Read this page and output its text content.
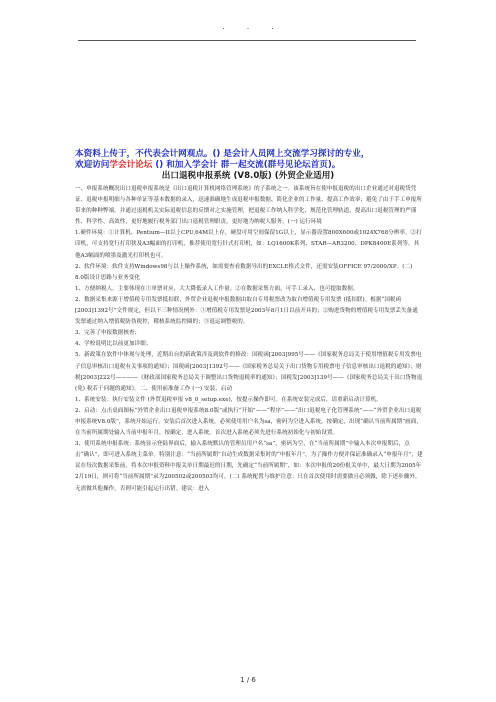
.	.	.
本资料上传于，不代表会计网观点。() 是会计人员网上交流学习探讨的专业，
欢迎访问学会计论坛 () 和加入学会计 群一起交流(群号见论坛首页)。
出口退税申报系统 (V8.0版) (外贸企业适用)

一、申报系统概况出口退税申报系统是《出口退税计算机网络管理系统》的子系统之一。该系统旨在使申报退税的出口企业通过对退税货凭证、退税申报明细与各种单证等基本数据的录入，迅速准确地生成退税申报数据、简化企业的工作量、提高工作效率；避免了由于手工申报所带来的种种弊端，并通过退税机关实际退税信息的反馈对之实施管理，把退税工作纳入科学化、规范化管理轨道，提高出口退税管理的严谨性、科学性、高效性，更好地履行税务部门出口退税管理职责，更好地为纳税人服务。(一) 运行环境

1.硬件环境：①计算机、Pentium—II以上CPU,64M以上存，硬盘可用空间保留1G以上，显示器设置800X600或1024X768分辨率。②打印机，可支持宽行打印狭及A3幅面的打印机，推荐使用宽行针式打印机，如：LQ1600K系列、STAR—AR3200、DPK8400E系列等。其他A3幅面的喷墨及激光打印机也可。

2、软件环境：软件支持Windows98与以上操作系统，如需要查看数据导出的EXCLE格式文件，还需安装OFFICE 97/2000/XP。(二) 8.0版设计思路与业务变化

1、方便纳税人，主要体现在①单票对应，大大降低录入工作量。②在数据采集方面，可手工录入，也可提取数据。

2、数据采集来源于增值税专用发票抵扣联，外贸企业退税申报数据由取自专用税票改为取自增值税专用发票 (抵扣联)。根据“国税函[2003]1392号”文件规定，但以下三种情况例外：①增值税专用发票是2003年8月1日以前开具的；②购进货物的增值税专用发票丢失备通发票通过纳入增值税防伪税控，稽核系统监控圈的；③退运调整税的。

3、完善了申报数据核查；

4、学校说明比以前更加详细；

5、新政策在软件中体现与处理，近期出台的新政策涉及到软件的修改：国税函[2003]995号——《国家税务总局关于使用增值税专用发票电子信息审核出口退税有关事项的通知》；国税函[2003]1392号——《国家税务总局关于出口货物专用税票电子信息审核出口退税的通知》；财税[2003]222号————《财政部国家税务总局关于调整出口货物退税率的通知》；国税发[2003]139号——《国家税务总局关于出口货物退 (免) 税若干问题的通知》。二、使用前准备工作 (一) 安装、启动

1、系统安装：执行安装文件 (外贸退税申报 v8_0_setup.exe)，按提示操作即可。在系统安装完成后，请重新启动计算机。

2、启动：点击桌面图标“外贸企业出口退税申报系统8.0版”或执行“开始”——“程序”——“出口退税电子化管理系统”——“外贸企业出口退税申报系统V8.0版”，系统开始运行。安装后首次进入系统，必须使用用户名为sa，密码为空进入系统，按确定，出现“确认当前所属期”画面，在当前所属期处输入当前申报年月，按确定，进入系统。首次进入系统必须先进行系统初始化与初始设置。

3、使用系统申报系统：系统显示登陆界面后，输入系统默认的管理员用户名“sa”，密码为空，在“当前所属期”中输入本次申报期后，点击“确认”，即可进入系统主菜单。特别注意：“当前所属期”自动生成数据采集时的“申报年月”，为了操作方便并保证准确录入“申报年月”，建议在每次数据采集前，将本次申报资料中报关单日期最迟的日期，先确定“当前所属期”，如：本次申报的20份报关单中，最大日期为2005年2月19日，则可将“当前所属期”录为200502或200503均可。(二) 系统配置与维护注意：只在首次使用时需要做且必须做，除下述步骤外，无需做其他操作，否则可能引起运行出错。建议：进入

1 / 6
